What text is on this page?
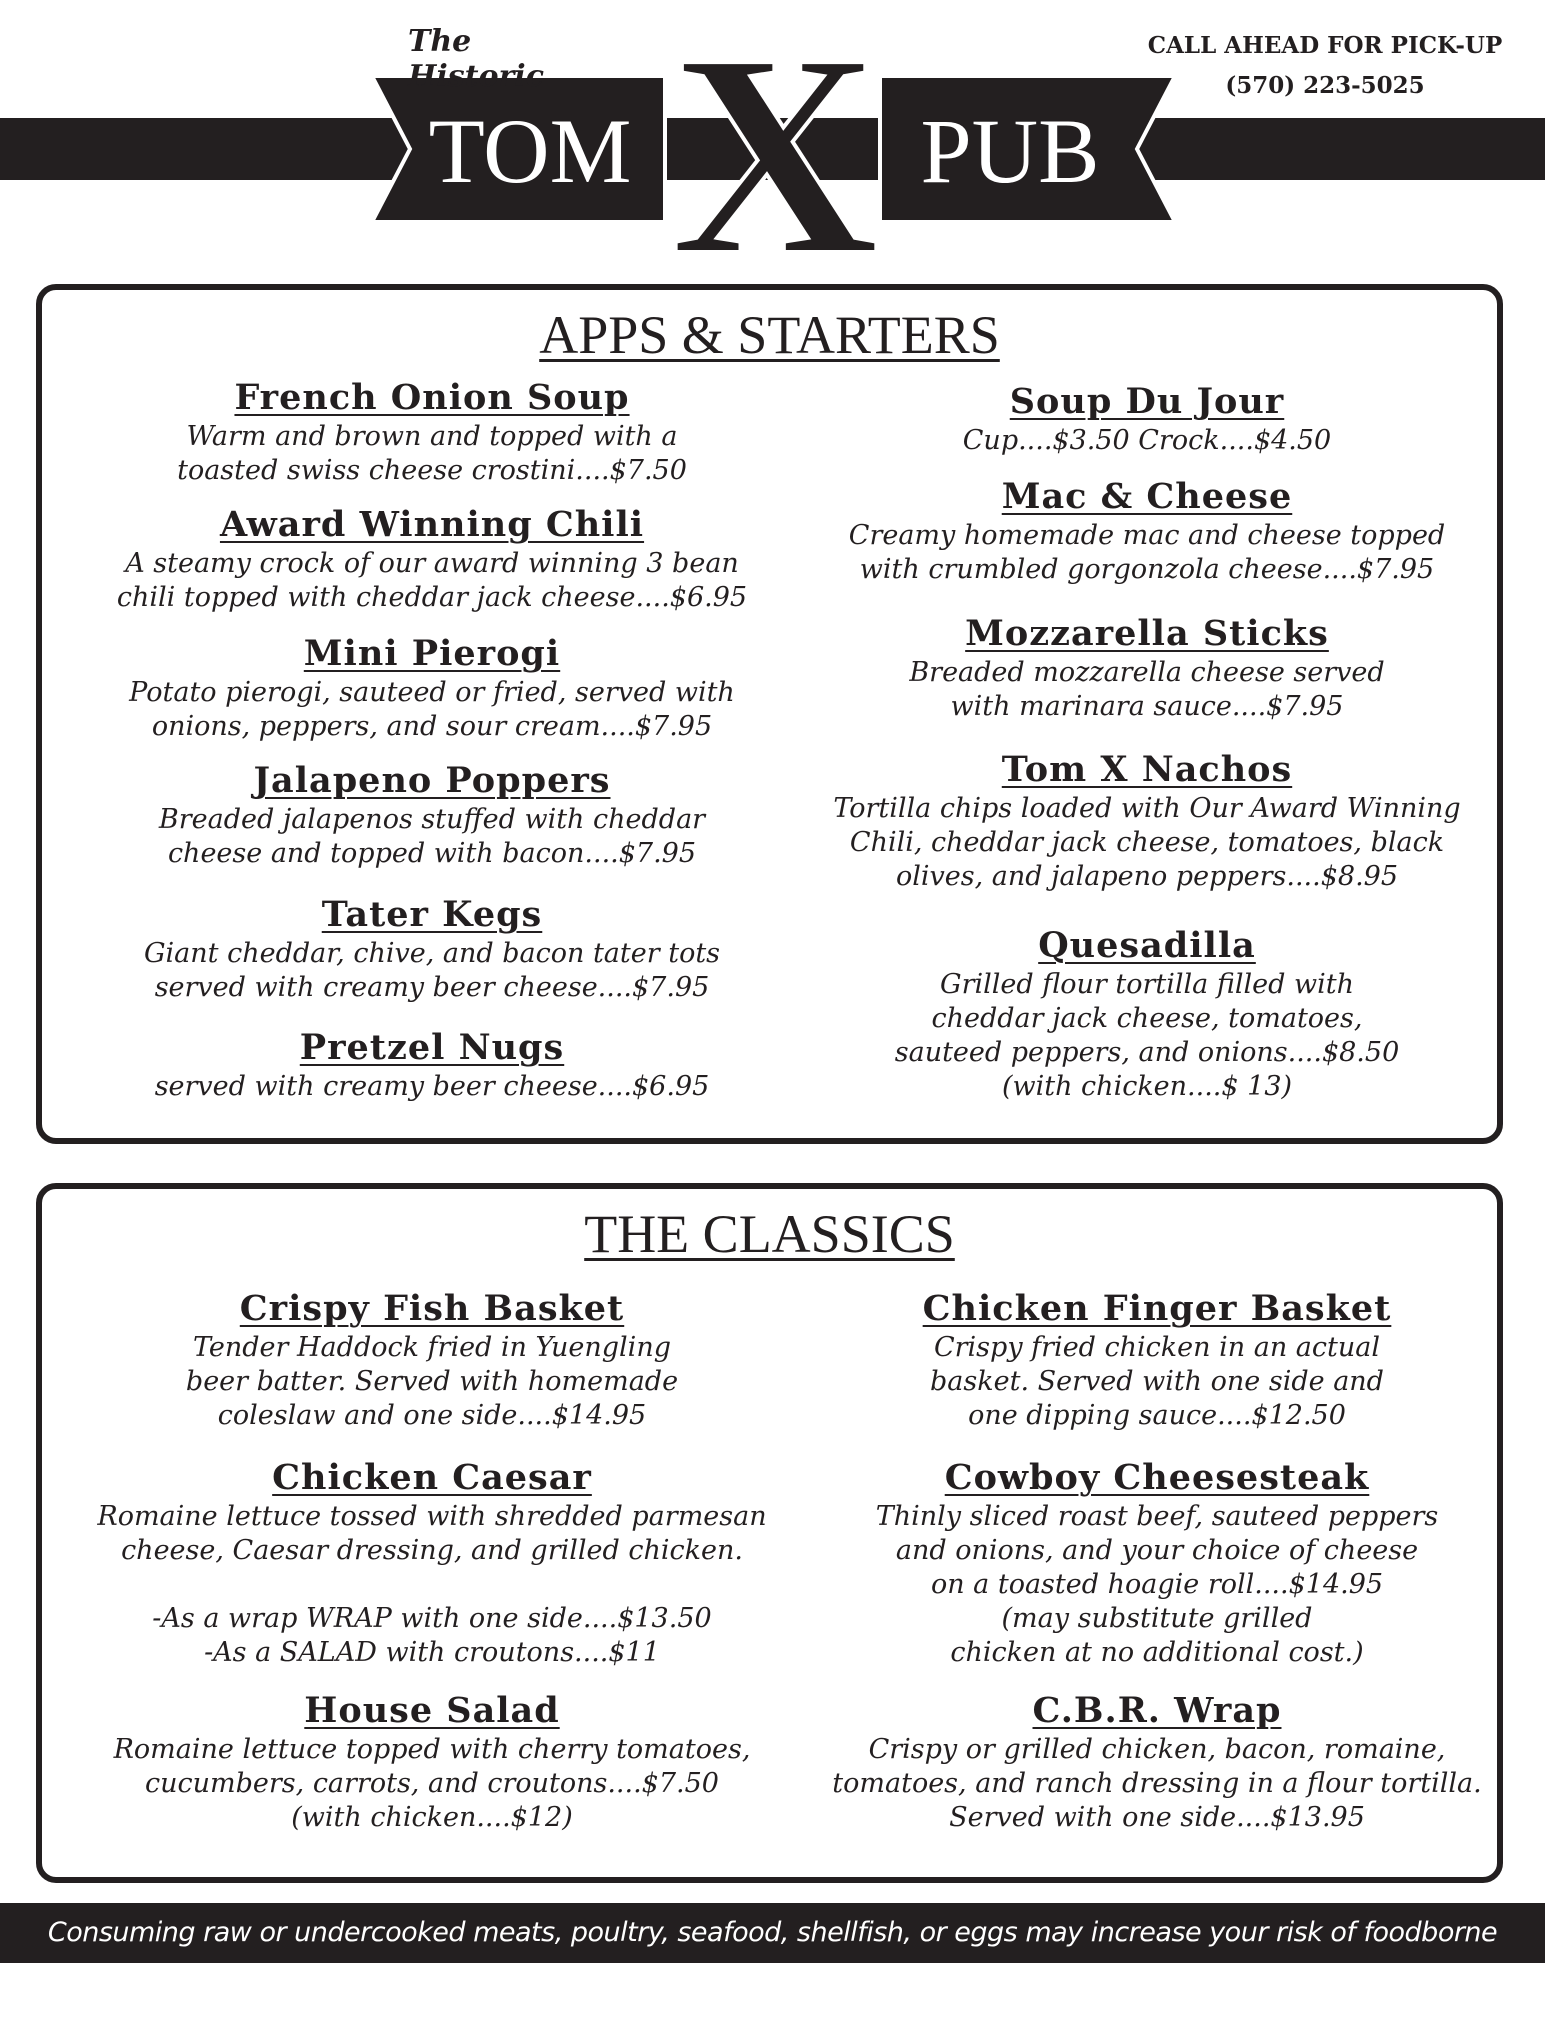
X
TOM	PUB
The Historic
CALL AHEAD FOR PICK-UP
(570) 223-5025
APPS & STARTERS
French Onion Soup
Warm and brown and topped with a
toasted swiss cheese crostini....$7.50
Award Winning Chili
A steamy crock of our award winning 3 bean
chili topped with cheddar jack cheese....$6.95
Mini Pierogi
Potato pierogi, sauteed or fried, served with
onions, peppers, and sour cream....$7.95
Jalapeno Poppers
Breaded jalapenos stuffed with cheddar
cheese and topped with bacon....$7.95
Tater Kegs
Giant cheddar, chive, and bacon tater tots
served with creamy beer cheese....$7.95
Pretzel Nugs
served with creamy beer cheese....$6.95
Soup Du Jour
Cup....$3.50 Crock....$4.50
Mac & Cheese
Creamy homemade mac and cheese topped
with crumbled gorgonzola cheese....$7.95
Mozzarella Sticks
Breaded mozzarella cheese served
with marinara sauce....$7.95
Tom X Nachos
Tortilla chips loaded with Our Award Winning
Chili, cheddar jack cheese, tomatoes, black
olives, and jalapeno peppers....$8.95
Quesadilla
Grilled flour tortilla filled with
cheddar jack cheese, tomatoes,
sauteed peppers, and onions....$8.50
(with chicken....$ 13)
THE CLASSICS
Crispy Fish Basket
Tender Haddock fried in Yuengling
beer batter. Served with homemade
coleslaw and one side....$14.95
Chicken Caesar
Romaine lettuce tossed with shredded parmesan
cheese, Caesar dressing, and grilled chicken.

-As a wrap WRAP with one side....$13.50
-As a SALAD with croutons....$11
House Salad
Romaine lettuce topped with cherry tomatoes,
cucumbers, carrots, and croutons....$7.50
(with chicken....$12)
Chicken Finger Basket
Crispy fried chicken in an actual
basket. Served with one side and
one dipping sauce....$12.50
Cowboy Cheesesteak
Thinly sliced roast beef, sauteed peppers
and onions, and your choice of cheese
on a toasted hoagie roll....$14.95
(may substitute grilled
chicken at no additional cost.)
C.B.R. Wrap
Crispy or grilled chicken, bacon, romaine,
tomatoes, and ranch dressing in a flour tortilla.
Served with one side....$13.95
Consuming raw or undercooked meats, poultry, seafood, shellfish, or eggs may increase your risk of foodborne illness.
